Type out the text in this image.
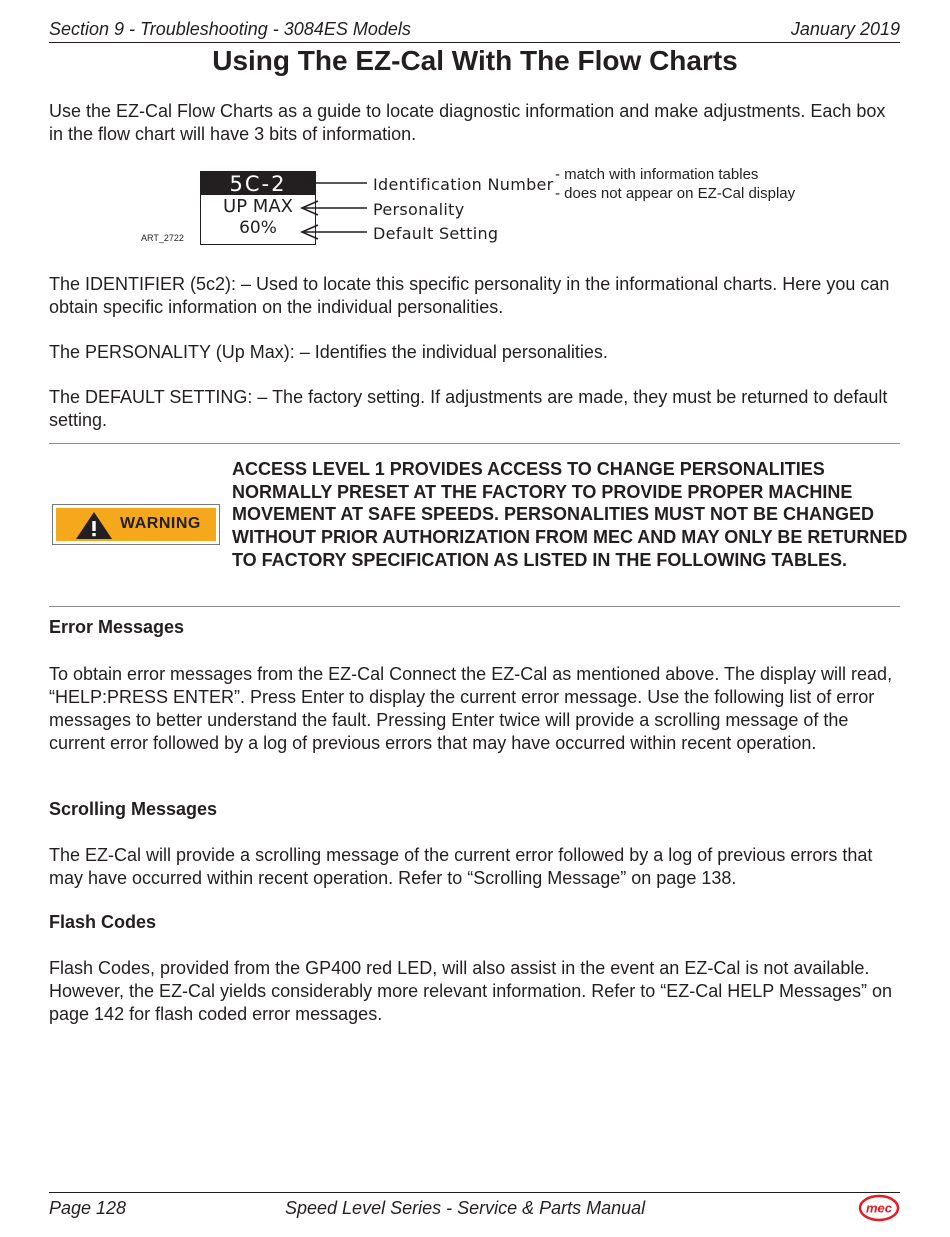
Section 9 - Troubleshooting - 3084ES Models	January 2019
Using The EZ-Cal With The Flow Charts

Use the EZ-Cal Flow Charts as a guide to locate diagnostic information and make adjustments. Each box in the flow chart will have 3 bits of information.

ART_2722
5C-2
UP MAX
60%
Identification Number
Personality
Default Setting
- match with information tables
- does not appear on EZ-Cal display

The IDENTIFIER (5c2): – Used to locate this specific personality in the informational charts. Here you can obtain specific information on the individual personalities.

The PERSONALITY (Up Max): – Identifies the individual personalities.

The DEFAULT SETTING: – The factory setting. If adjustments are made, they must be returned to default setting.

WARNING

ACCESS LEVEL 1 PROVIDES ACCESS TO CHANGE PERSONALITIES NORMALLY PRESET AT THE FACTORY TO PROVIDE PROPER MACHINE MOVEMENT AT SAFE SPEEDS. PERSONALITIES MUST NOT BE CHANGED WITHOUT PRIOR AUTHORIZATION FROM MEC AND MAY ONLY BE RETURNED TO FACTORY SPECIFICATION AS LISTED IN THE FOLLOWING TABLES.

Error Messages

To obtain error messages from the EZ-Cal Connect the EZ-Cal as mentioned above. The display will read, “HELP:PRESS ENTER”. Press Enter to display the current error message. Use the following list of error messages to better understand the fault. Pressing Enter twice will provide a scrolling message of the current error followed by a log of previous errors that may have occurred within recent operation.

Scrolling Messages

The EZ-Cal will provide a scrolling message of the current error followed by a log of previous errors that may have occurred within recent operation. Refer to “Scrolling Message” on page 138.

Flash Codes

Flash Codes, provided from the GP400 red LED, will also assist in the event an EZ-Cal is not available. However, the EZ-Cal yields considerably more relevant information. Refer to “EZ-Cal HELP Messages” on page 142 for flash coded error messages.

Page 128	Speed Level Series - Service & Parts Manual	mec
